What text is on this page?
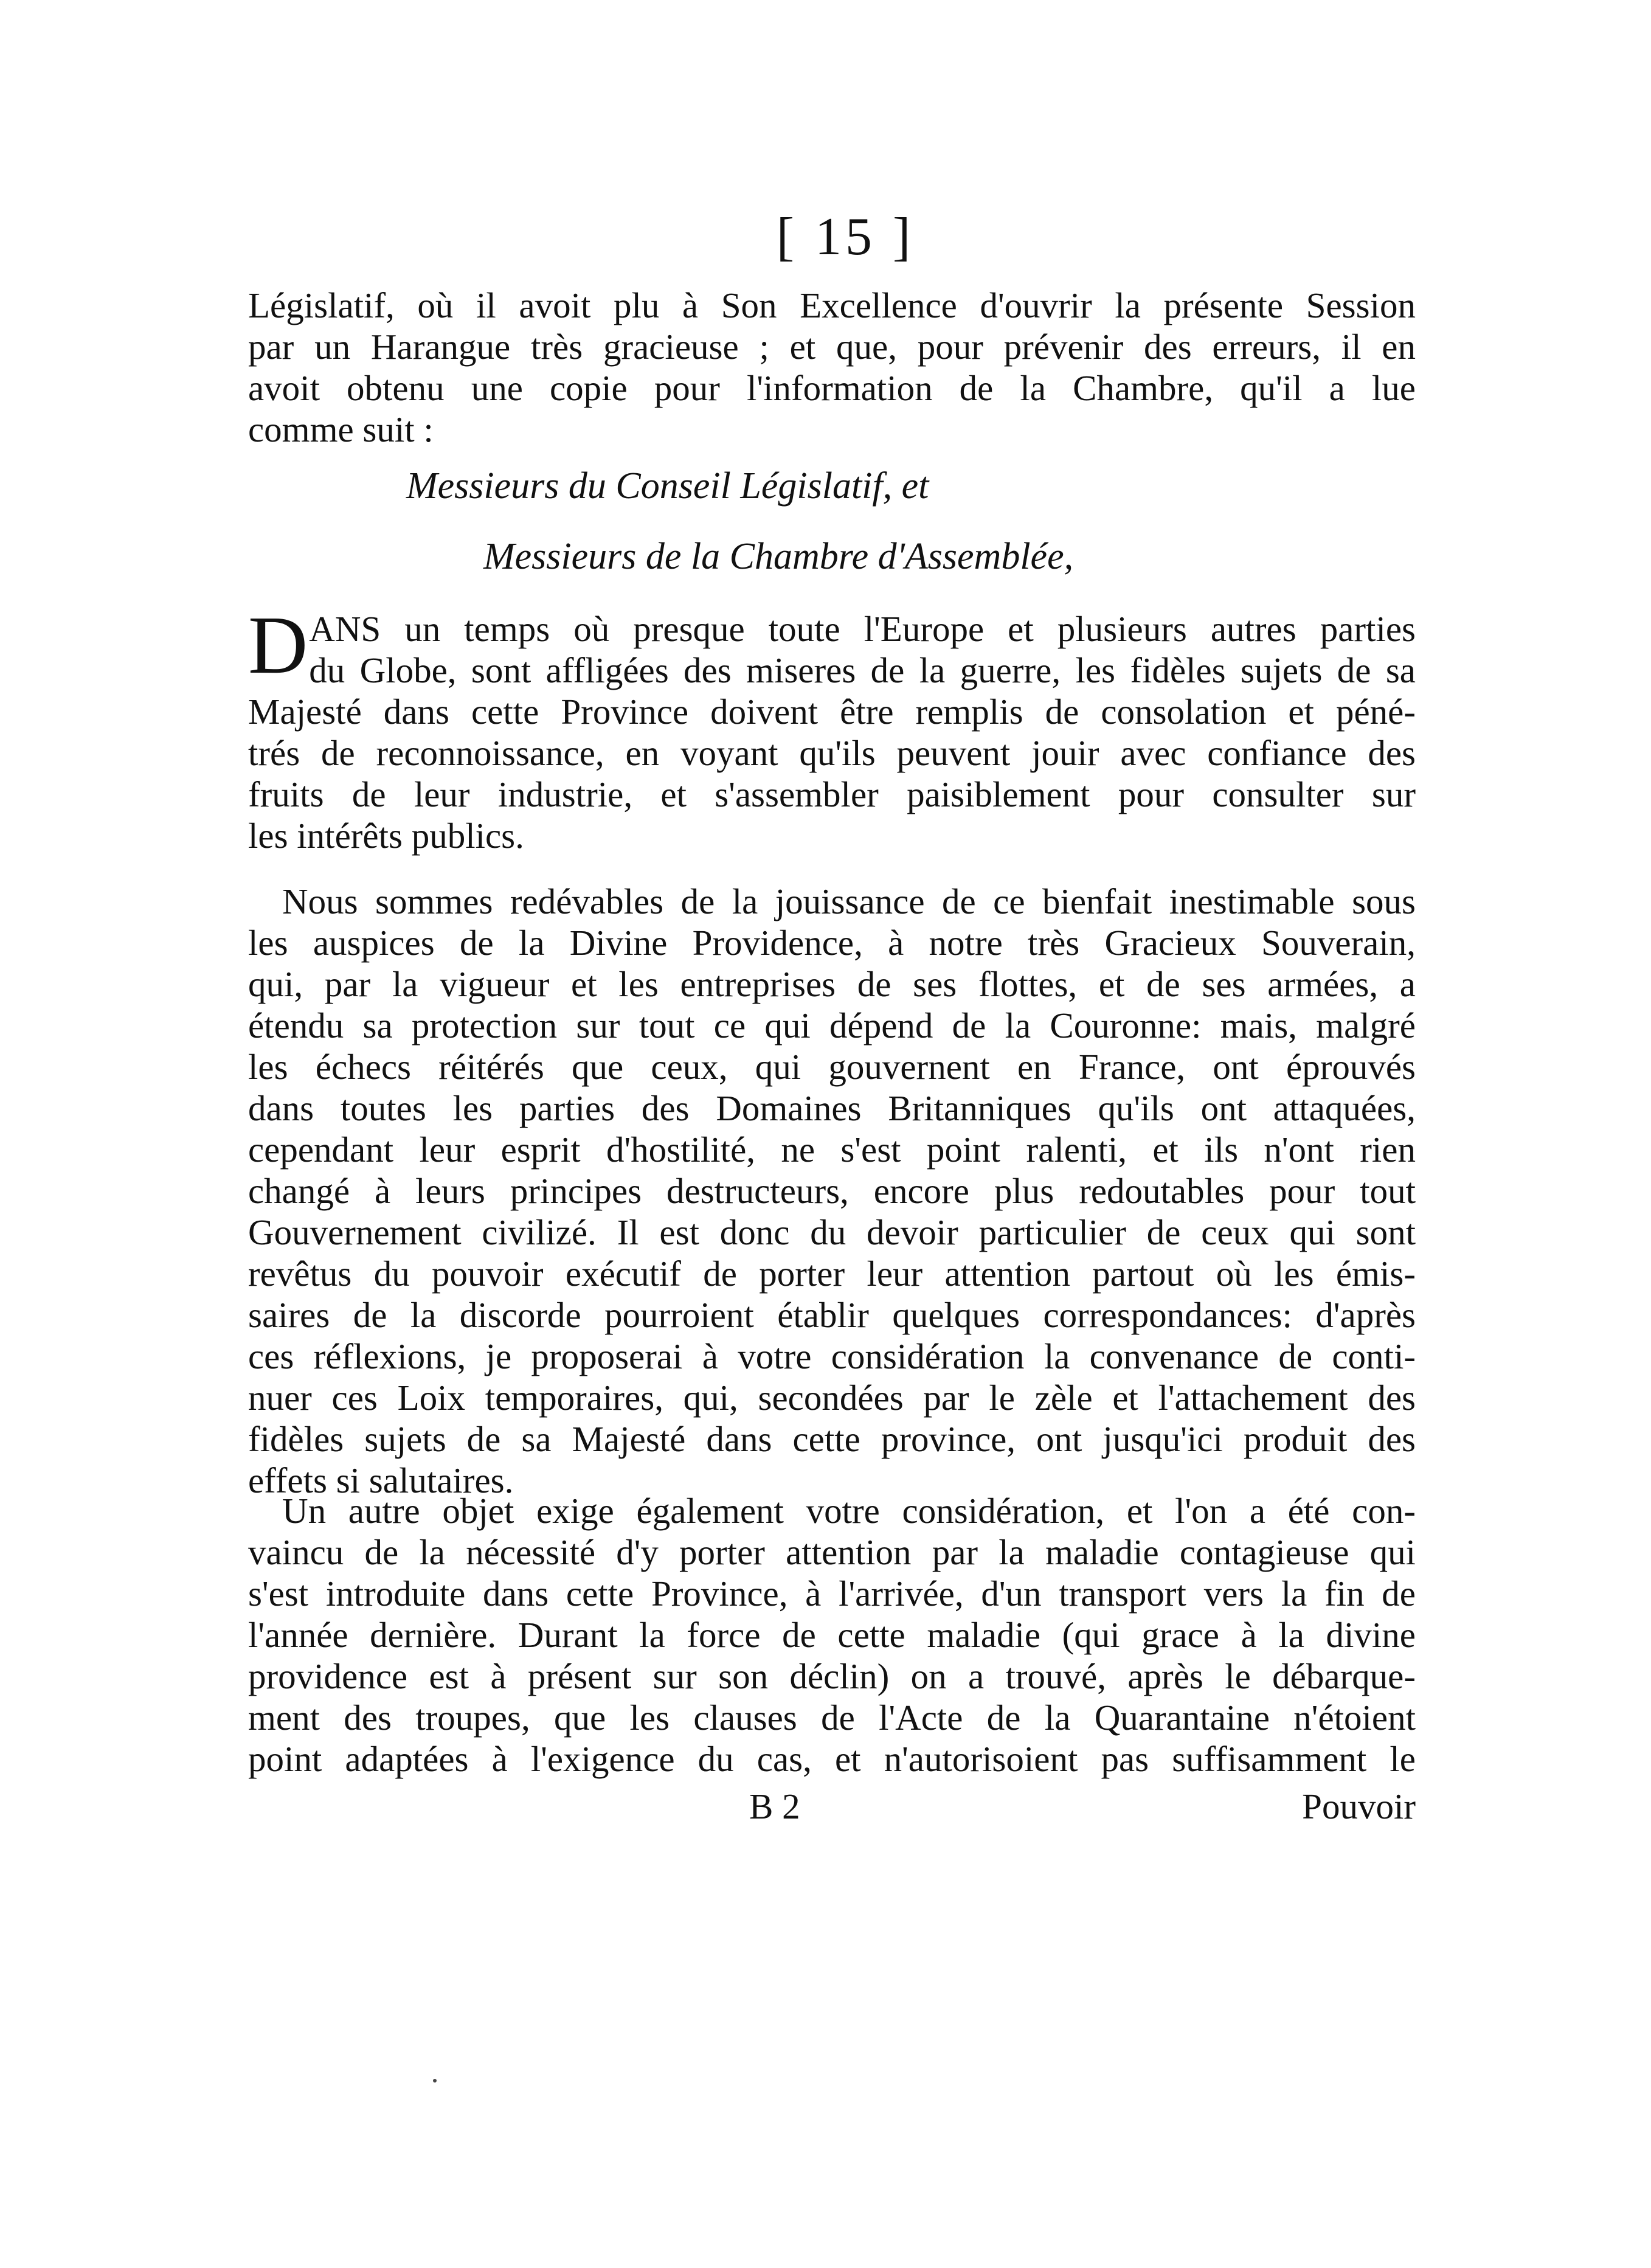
[ 15 ]
Législatif, où il avoit plu à Son Excellence d'ouvrir la présente Session
par un Harangue très gracieuse ; et que, pour prévenir des erreurs, il en
avoit obtenu une copie pour l'information de la Chambre, qu'il a lue
comme suit :
Messieurs du Conseil Législatif, et
Messieurs de la Chambre d'Assemblée,
D ANS un temps où presque toute l'Europe et plusieurs autres parties
du Globe, sont affligées des miseres de la guerre, les fidèles sujets de sa
Majesté dans cette Province doivent être remplis de consolation et péné-
trés de reconnoissance, en voyant qu'ils peuvent jouir avec confiance des
fruits de leur industrie, et s'assembler paisiblement pour consulter sur
les intérêts publics.
Nous sommes redévables de la jouissance de ce bienfait inestimable sous
les auspices de la Divine Providence, à notre très Gracieux Souverain,
qui, par la vigueur et les entreprises de ses flottes, et de ses armées, a
étendu sa protection sur tout ce qui dépend de la Couronne: mais, malgré
les échecs réitérés que ceux, qui gouvernent en France, ont éprouvés
dans toutes les parties des Domaines Britanniques qu'ils ont attaquées,
cependant leur esprit d'hostilité, ne s'est point ralenti, et ils n'ont rien
changé à leurs principes destructeurs, encore plus redoutables pour tout
Gouvernement civilizé. Il est donc du devoir particulier de ceux qui sont
revêtus du pouvoir exécutif de porter leur attention partout où les émis-
saires de la discorde pourroient établir quelques correspondances: d'après
ces réflexions, je proposerai à votre considération la convenance de conti-
nuer ces Loix temporaires, qui, secondées par le zèle et l'attachement des
fidèles sujets de sa Majesté dans cette province, ont jusqu'ici produit des
effets si salutaires.
Un autre objet exige également votre considération, et l'on a été con-
vaincu de la nécessité d'y porter attention par la maladie contagieuse qui
s'est introduite dans cette Province, à l'arrivée, d'un transport vers la fin de
l'année dernière. Durant la force de cette maladie (qui grace à la divine
providence est à présent sur son déclin) on a trouvé, après le débarque-
ment des troupes, que les clauses de l'Acte de la Quarantaine n'étoient
point adaptées à l'exigence du cas, et n'autorisoient pas suffisamment le
B 2	Pouvoir
